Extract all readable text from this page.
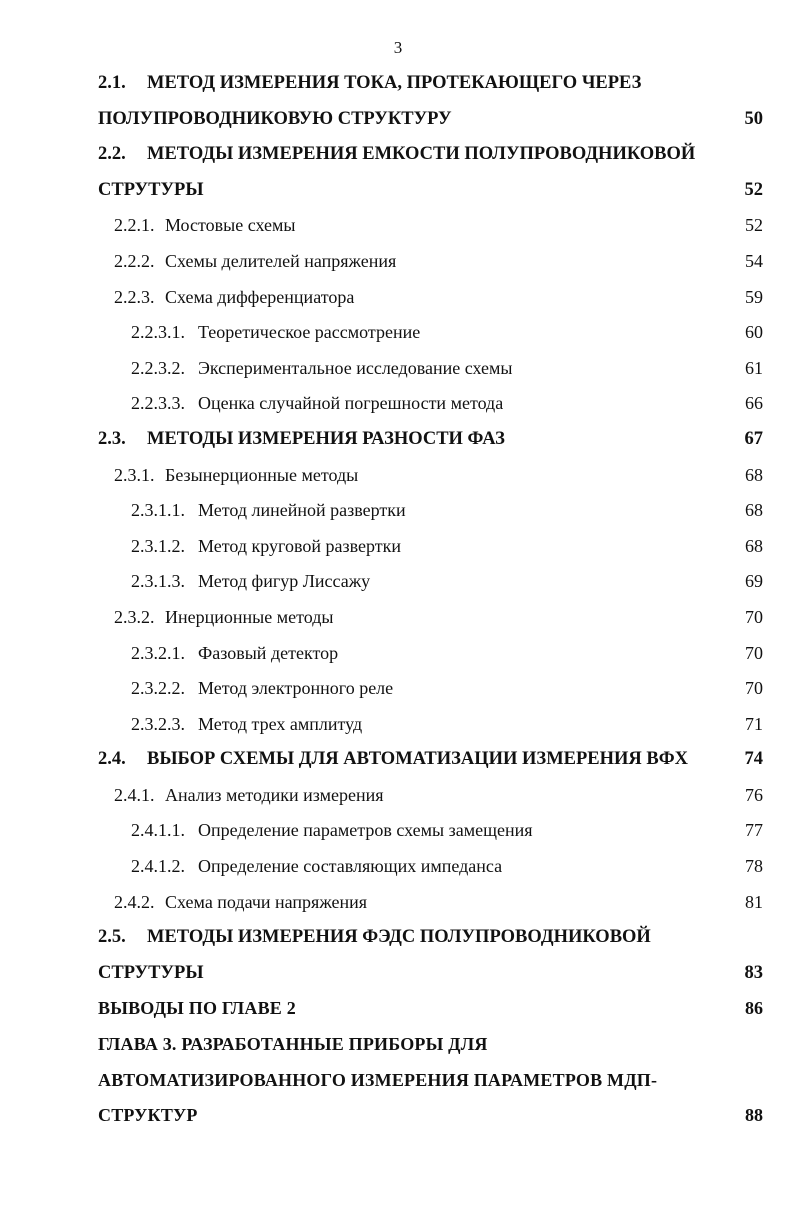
3
2.1. МЕТОД ИЗМЕРЕНИЯ ТОКА, ПРОТЕКАЮЩЕГО ЧЕРЕЗ
ПОЛУПРОВОДНИКОВУЮ СТРУКТУРУ	50
2.2. МЕТОДЫ ИЗМЕРЕНИЯ ЕМКОСТИ ПОЛУПРОВОДНИКОВОЙ
СТРУТУРЫ	52
2.2.1. Мостовые схемы	52
2.2.2. Схемы делителей напряжения	54
2.2.3. Схема дифференциатора	59
2.2.3.1. Теоретическое рассмотрение	60
2.2.3.2. Экспериментальное исследование схемы	61
2.2.3.3. Оценка случайной погрешности метода	66
2.3. МЕТОДЫ ИЗМЕРЕНИЯ РАЗНОСТИ ФАЗ	67
2.3.1. Безынерционные методы	68
2.3.1.1. Метод линейной развертки	68
2.3.1.2. Метод круговой развертки	68
2.3.1.3. Метод фигур Лиссажу	69
2.3.2. Инерционные методы	70
2.3.2.1. Фазовый детектор	70
2.3.2.2. Метод электронного реле	70
2.3.2.3. Метод трех амплитуд	71
2.4. ВЫБОР СХЕМЫ ДЛЯ АВТОМАТИЗАЦИИ ИЗМЕРЕНИЯ ВФХ	74
2.4.1. Анализ методики измерения	76
2.4.1.1. Определение параметров схемы замещения	77
2.4.1.2. Определение составляющих импеданса	78
2.4.2. Схема подачи напряжения	81
2.5. МЕТОДЫ ИЗМЕРЕНИЯ ФЭДС ПОЛУПРОВОДНИКОВОЙ
СТРУТУРЫ	83
ВЫВОДЫ ПО ГЛАВЕ 2	86
ГЛАВА 3. РАЗРАБОТАННЫЕ ПРИБОРЫ ДЛЯ
АВТОМАТИЗИРОВАННОГО ИЗМЕРЕНИЯ ПАРАМЕТРОВ МДП-
СТРУКТУР	88
